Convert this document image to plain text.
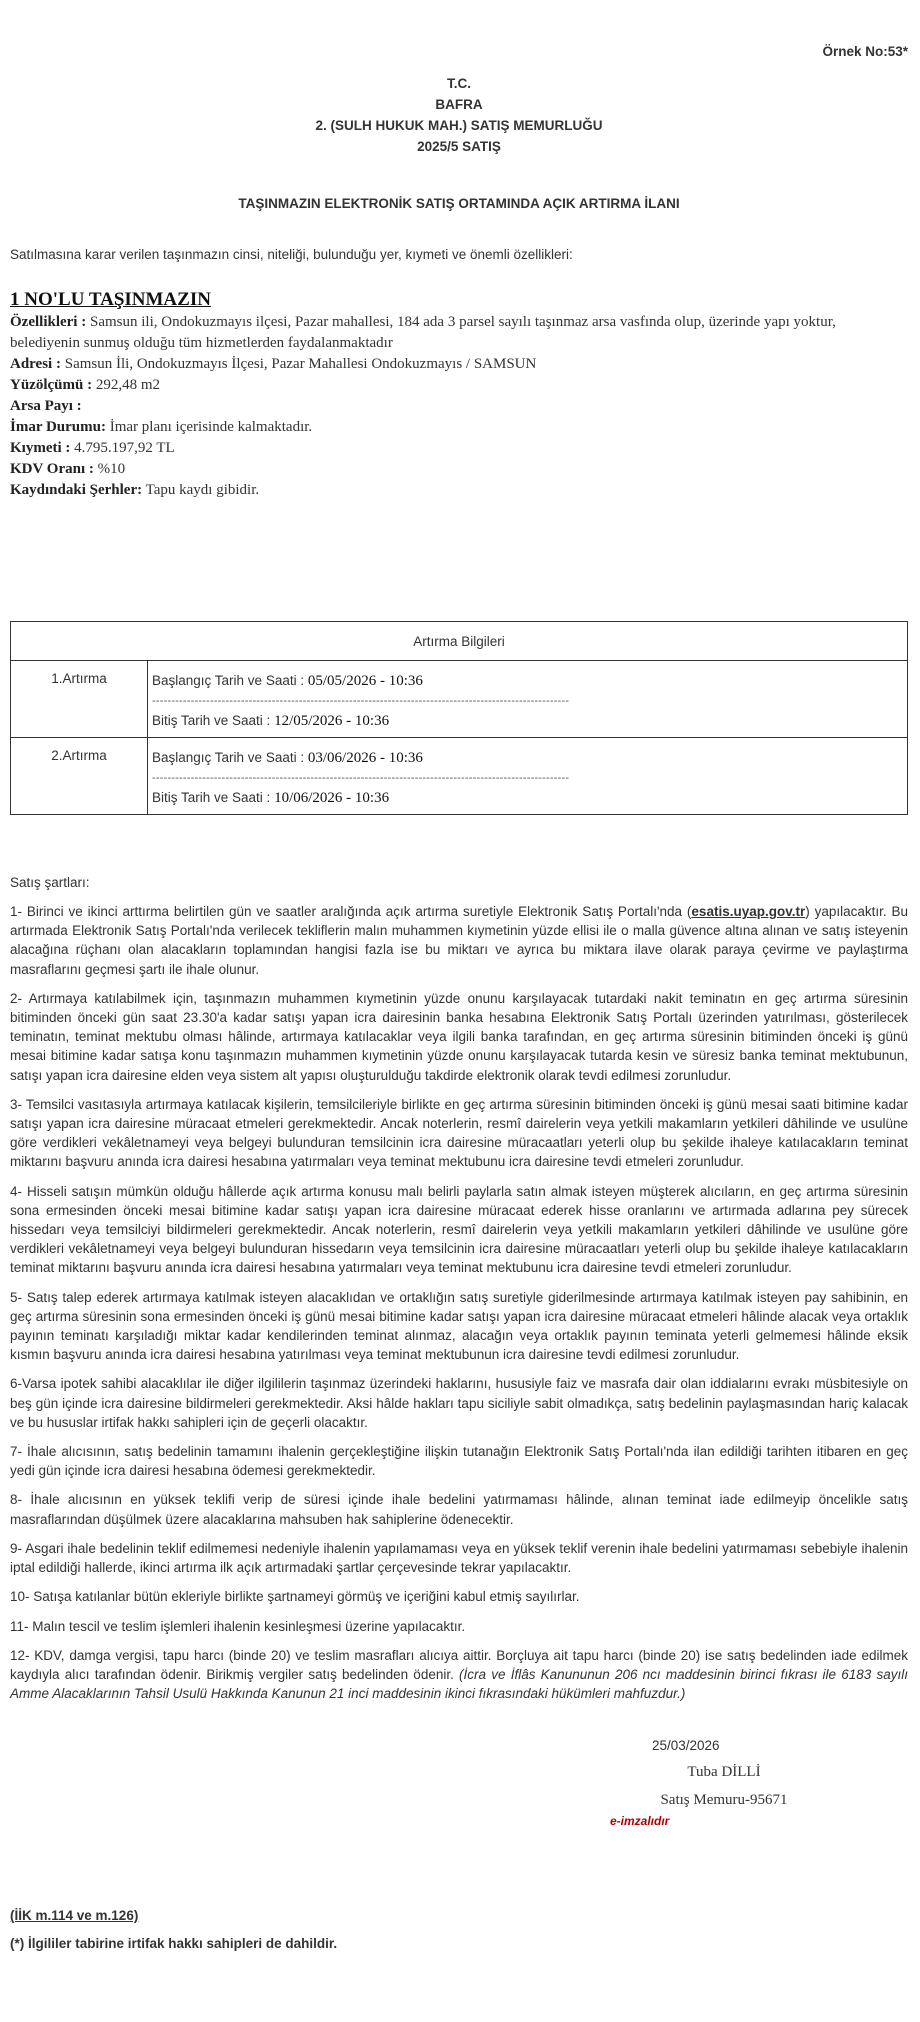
Örnek No:53*
T.C.
BAFRA
2. (SULH HUKUK MAH.) SATIŞ MEMURLUĞU
2025/5 SATIŞ
TAŞINMAZIN ELEKTRONİK SATIŞ ORTAMINDA AÇIK ARTIRMA İLANI
Satılmasına karar verilen taşınmazın cinsi, niteliği, bulunduğu yer, kıymeti ve önemli özellikleri:
1 NO'LU TAŞINMAZIN
Özellikleri : Samsun ili, Ondokuzmayıs ilçesi, Pazar mahallesi, 184 ada 3 parsel sayılı taşınmaz arsa vasfında olup, üzerinde yapı yoktur, belediyenin sunmuş olduğu tüm hizmetlerden faydalanmaktadır
Adresi : Samsun İli, Ondokuzmayıs İlçesi, Pazar Mahallesi Ondokuzmayıs / SAMSUN
Yüzölçümü : 292,48 m2
Arsa Payı :
İmar Durumu: İmar planı içerisinde kalmaktadır.
Kıymeti : 4.795.197,92 TL
KDV Oranı : %10
Kaydındaki Şerhler: Tapu kaydı gibidir.
Artırma Bilgileri	
1.Artırma	Başlangıç Tarih ve Saati : 05/05/2026 - 10:36
------------------------------------------------------------------------------------------------------------
Bitiş Tarih ve Saati : 12/05/2026 - 10:36

2.Artırma	Başlangıç Tarih ve Saati : 03/06/2026 - 10:36
------------------------------------------------------------------------------------------------------------
Bitiş Tarih ve Saati : 10/06/2026 - 10:36
Satış şartları:

1- Birinci ve ikinci arttırma belirtilen gün ve saatler aralığında açık artırma suretiyle Elektronik Satış Portalı'nda (esatis.uyap.gov.tr) yapılacaktır. Bu artırmada Elektronik Satış Portalı'nda verilecek tekliflerin malın muhammen kıymetinin yüzde ellisi ile o malla güvence altına alınan ve satış isteyenin alacağına rüçhanı olan alacakların toplamından hangisi fazla ise bu miktarı ve ayrıca bu miktara ilave olarak paraya çevirme ve paylaştırma masraflarını geçmesi şartı ile ihale olunur.

2- Artırmaya katılabilmek için, taşınmazın muhammen kıymetinin yüzde onunu karşılayacak tutardaki nakit teminatın en geç artırma süresinin bitiminden önceki gün saat 23.30'a kadar satışı yapan icra dairesinin banka hesabına Elektronik Satış Portalı üzerinden yatırılması, gösterilecek teminatın, teminat mektubu olması hâlinde, artırmaya katılacaklar veya ilgili banka tarafından, en geç artırma süresinin bitiminden önceki iş günü mesai bitimine kadar satışa konu taşınmazın muhammen kıymetinin yüzde onunu karşılayacak tutarda kesin ve süresiz banka teminat mektubunun, satışı yapan icra dairesine elden veya sistem alt yapısı oluşturulduğu takdirde elektronik olarak tevdi edilmesi zorunludur.

3- Temsilci vasıtasıyla artırmaya katılacak kişilerin, temsilcileriyle birlikte en geç artırma süresinin bitiminden önceki iş günü mesai saati bitimine kadar satışı yapan icra dairesine müracaat etmeleri gerekmektedir. Ancak noterlerin, resmî dairelerin veya yetkili makamların yetkileri dâhilinde ve usulüne göre verdikleri vekâletnameyi veya belgeyi bulunduran temsilcinin icra dairesine müracaatları yeterli olup bu şekilde ihaleye katılacakların teminat miktarını başvuru anında icra dairesi hesabına yatırmaları veya teminat mektubunu icra dairesine tevdi etmeleri zorunludur.

4- Hisseli satışın mümkün olduğu hâllerde açık artırma konusu malı belirli paylarla satın almak isteyen müşterek alıcıların, en geç artırma süresinin sona ermesinden önceki mesai bitimine kadar satışı yapan icra dairesine müracaat ederek hisse oranlarını ve artırmada adlarına pey sürecek hissedarı veya temsilciyi bildirmeleri gerekmektedir. Ancak noterlerin, resmî dairelerin veya yetkili makamların yetkileri dâhilinde ve usulüne göre verdikleri vekâletnameyi veya belgeyi bulunduran hissedarın veya temsilcinin icra dairesine müracaatları yeterli olup bu şekilde ihaleye katılacakların teminat miktarını başvuru anında icra dairesi hesabına yatırmaları veya teminat mektubunu icra dairesine tevdi etmeleri zorunludur.

5- Satış talep ederek artırmaya katılmak isteyen alacaklıdan ve ortaklığın satış suretiyle giderilmesinde artırmaya katılmak isteyen pay sahibinin, en geç artırma süresinin sona ermesinden önceki iş günü mesai bitimine kadar satışı yapan icra dairesine müracaat etmeleri hâlinde alacak veya ortaklık payının teminatı karşıladığı miktar kadar kendilerinden teminat alınmaz, alacağın veya ortaklık payının teminata yeterli gelmemesi hâlinde eksik kısmın başvuru anında icra dairesi hesabına yatırılması veya teminat mektubunun icra dairesine tevdi edilmesi zorunludur.

6-Varsa ipotek sahibi alacaklılar ile diğer ilgililerin taşınmaz üzerindeki haklarını, hususiyle faiz ve masrafa dair olan iddialarını evrakı müsbitesiyle on beş gün içinde icra dairesine bildirmeleri gerekmektedir. Aksi hâlde hakları tapu siciliyle sabit olmadıkça, satış bedelinin paylaşmasından hariç kalacak ve bu hususlar irtifak hakkı sahipleri için de geçerli olacaktır.

7- İhale alıcısının, satış bedelinin tamamını ihalenin gerçekleştiğine ilişkin tutanağın Elektronik Satış Portalı'nda ilan edildiği tarihten itibaren en geç yedi gün içinde icra dairesi hesabına ödemesi gerekmektedir.

8- İhale alıcısının en yüksek teklifi verip de süresi içinde ihale bedelini yatırmaması hâlinde, alınan teminat iade edilmeyip öncelikle satış masraflarından düşülmek üzere alacaklarına mahsuben hak sahiplerine ödenecektir.

9- Asgari ihale bedelinin teklif edilmemesi nedeniyle ihalenin yapılamaması veya en yüksek teklif verenin ihale bedelini yatırmaması sebebiyle ihalenin iptal edildiği hallerde, ikinci artırma ilk açık artırmadaki şartlar çerçevesinde tekrar yapılacaktır.

10- Satışa katılanlar bütün ekleriyle birlikte şartnameyi görmüş ve içeriğini kabul etmiş sayılırlar.

11- Malın tescil ve teslim işlemleri ihalenin kesinleşmesi üzerine yapılacaktır.

12- KDV, damga vergisi, tapu harcı (binde 20) ve teslim masrafları alıcıya aittir. Borçluya ait tapu harcı (binde 20) ise satış bedelinden iade edilmek kaydıyla alıcı tarafından ödenir. Birikmiş vergiler satış bedelinden ödenir. (İcra ve İflâs Kanununun 206 ncı maddesinin birinci fıkrası ile 6183 sayılı Amme Alacaklarının Tahsil Usulü Hakkında Kanunun 21 inci maddesinin ikinci fıkrasındaki hükümleri mahfuzdur.)

25/03/2026
Tuba DİLLİ
Satış Memuru-95671
e-imzalıdır
(İİK m.114 ve m.126)
(*) İlgililer tabirine irtifak hakkı sahipleri de dahildir.
